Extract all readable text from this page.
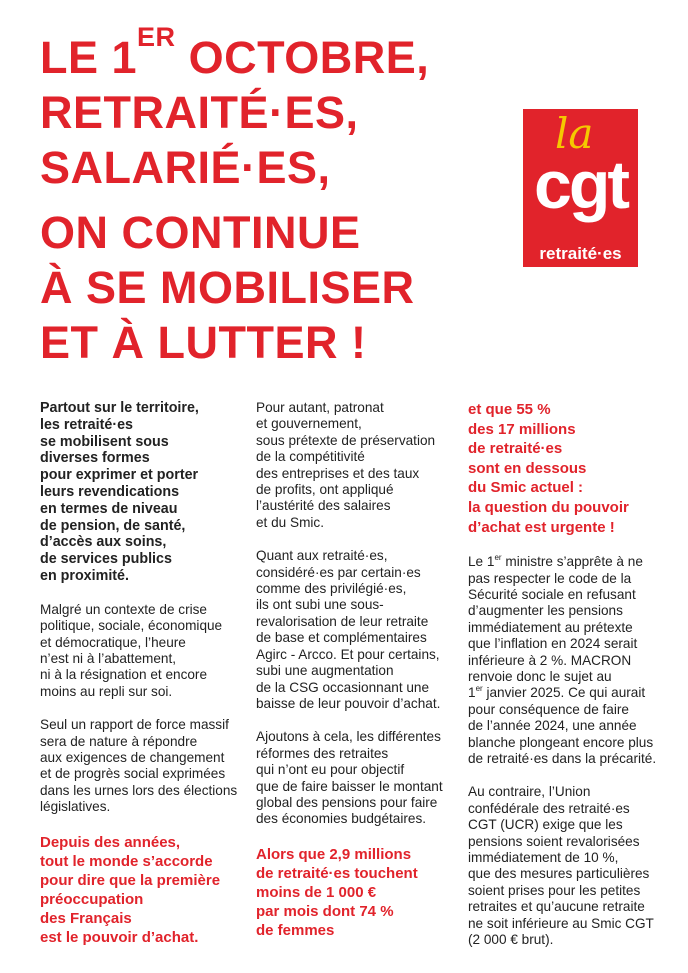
LE 1ER OCTOBRE,
RETRAITÉ·ES,
SALARIÉ·ES,
ON CONTINUE
À SE MOBILISER
ET À LUTTER !
la
cgt
retraité·es
Partout sur le territoire,
les retraité·es
se mobilisent sous
diverses formes
pour exprimer et porter
leurs revendications
en termes de niveau
de pension, de santé,
d’accès aux soins,
de services publics
en proximité.
Malgré un contexte de crise
politique, sociale, économique
et démocratique, l’heure
n’est ni à l’abattement,
ni à la résignation et encore
moins au repli sur soi.
Seul un rapport de force massif
sera de nature à répondre
aux exigences de changement
et de progrès social exprimées
dans les urnes lors des élections
législatives.
Depuis des années,
tout le monde s’accorde
pour dire que la première
préoccupation
des Français
est le pouvoir d’achat.
Pour autant, patronat
et gouvernement,
sous prétexte de préservation
de la compétitivité
des entreprises et des taux
de profits, ont appliqué
l’austérité des salaires
et du Smic.
Quant aux retraité·es,
considéré·es par certain·es
comme des privilégié·es,
ils ont subi une sous-
revalorisation de leur retraite
de base et complémentaires
Agirc - Arcco. Et pour certains,
subi une augmentation
de la CSG occasionnant une
baisse de leur pouvoir d’achat.
Ajoutons à cela, les différentes
réformes des retraites
qui n’ont eu pour objectif
que de faire baisser le montant
global des pensions pour faire
des économies budgétaires.
Alors que 2,9 millions
de retraité·es touchent
moins de 1 000 €
par mois dont 74 %
de femmes
et que 55 %
des 17 millions
de retraité·es
sont en dessous
du Smic actuel :
la question du pouvoir
d’achat est urgente !
Le 1er ministre s’apprête à ne
pas respecter le code de la
Sécurité sociale en refusant
d’augmenter les pensions
immédiatement au prétexte
que l’inflation en 2024 serait
inférieure à 2 %. MACRON
renvoie donc le sujet au
1er janvier 2025. Ce qui aurait
pour conséquence de faire
de l’année 2024, une année
blanche plongeant encore plus
de retraité·es dans la précarité.
Au contraire, l’Union
confédérale des retraité·es
CGT (UCR) exige que les
pensions soient revalorisées
immédiatement de 10 %,
que des mesures particulières
soient prises pour les petites
retraites et qu’aucune retraite
ne soit inférieure au Smic CGT
(2 000 € brut).
